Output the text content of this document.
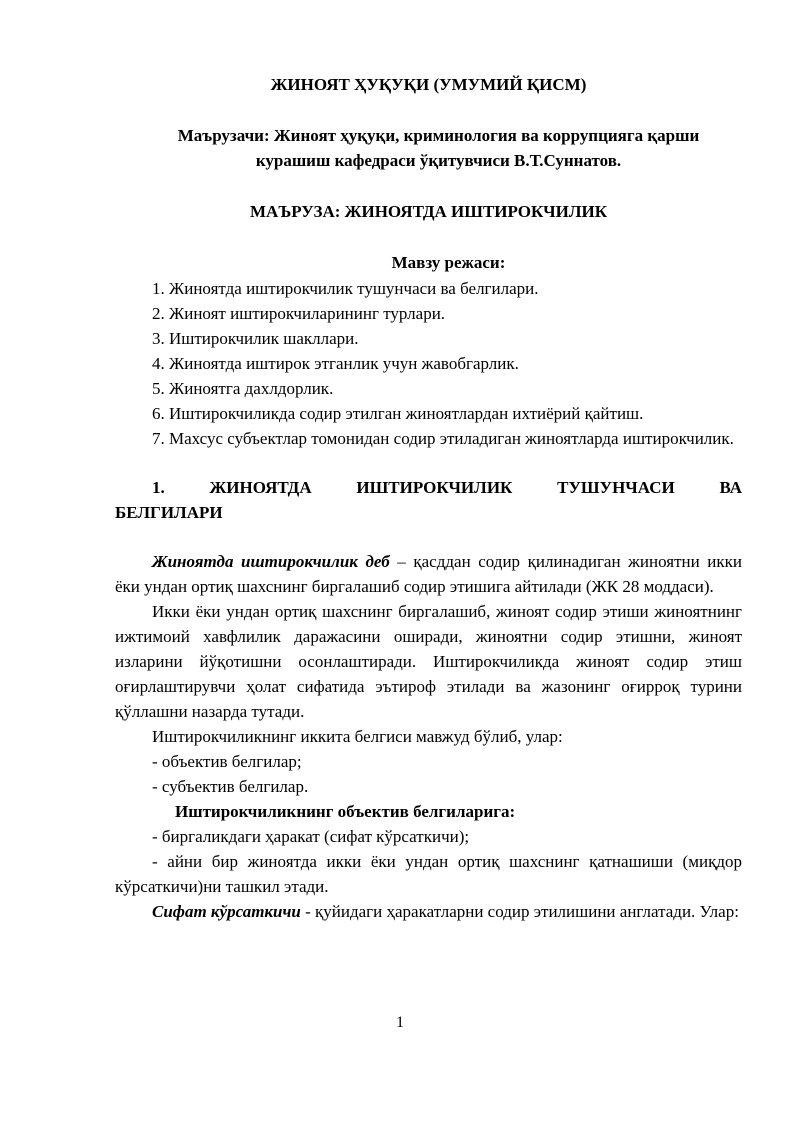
ЖИНОЯТ ҲУҚУҚИ (УМУМИЙ ҚИСМ)

Маърузачи: Жиноят ҳуқуқи, криминология ва коррупцияга қарши
курашиш кафедраси ўқитувчиси В.Т.Суннатов.

МАЪРУЗА: ЖИНОЯТДА ИШТИРОКЧИЛИК

Мавзу режаси:

1. Жиноятда иштирокчилик тушунчаси ва белгилари.
2. Жиноят иштирокчиларининг турлари.
3. Иштирокчилик шакллари.
4. Жиноятда иштирок этганлик учун жавобгарлик.
5. Жиноятга дахлдорлик.
6. Иштирокчиликда содир этилган жиноятлардан ихтиёрий қайтиш.
7. Махсус субъектлар томонидан содир этиладиган жиноятларда иштирокчилик.

1. ЖИНОЯТДА ИШТИРОКЧИЛИК ТУШУНЧАСИ ВА
БЕЛГИЛАРИ

Жиноятда иштирокчилик деб – қасддан содир қилинадиган жиноятни икки ёки ундан ортиқ шахснинг биргалашиб содир этишига айтилади (ЖК 28 моддаси).

Икки ёки ундан ортиқ шахснинг биргалашиб, жиноят содир этиши жиноятнинг ижтимоий хавфлилик даражасини оширади, жиноятни содир этишни, жиноят изларини йўқотишни осонлаштиради. Иштирокчиликда жиноят содир этиш оғирлаштирувчи ҳолат сифатида эътироф этилади ва жазонинг оғирроқ турини қўллашни назарда тутади.

Иштирокчиликнинг иккита белгиси мавжуд бўлиб, улар:

- объектив белгилар;

- субъектив белгилар.

Иштирокчиликнинг объектив белгиларига:

- биргаликдаги ҳаракат (сифат кўрсаткичи);

- айни бир жиноятда икки ёки ундан ортиқ шахснинг қатнашиши (миқдор кўрсаткичи)ни ташкил этади.

Сифат кўрсаткичи - қуйидаги ҳаракатларни содир этилишини англатади. Улар:

1
